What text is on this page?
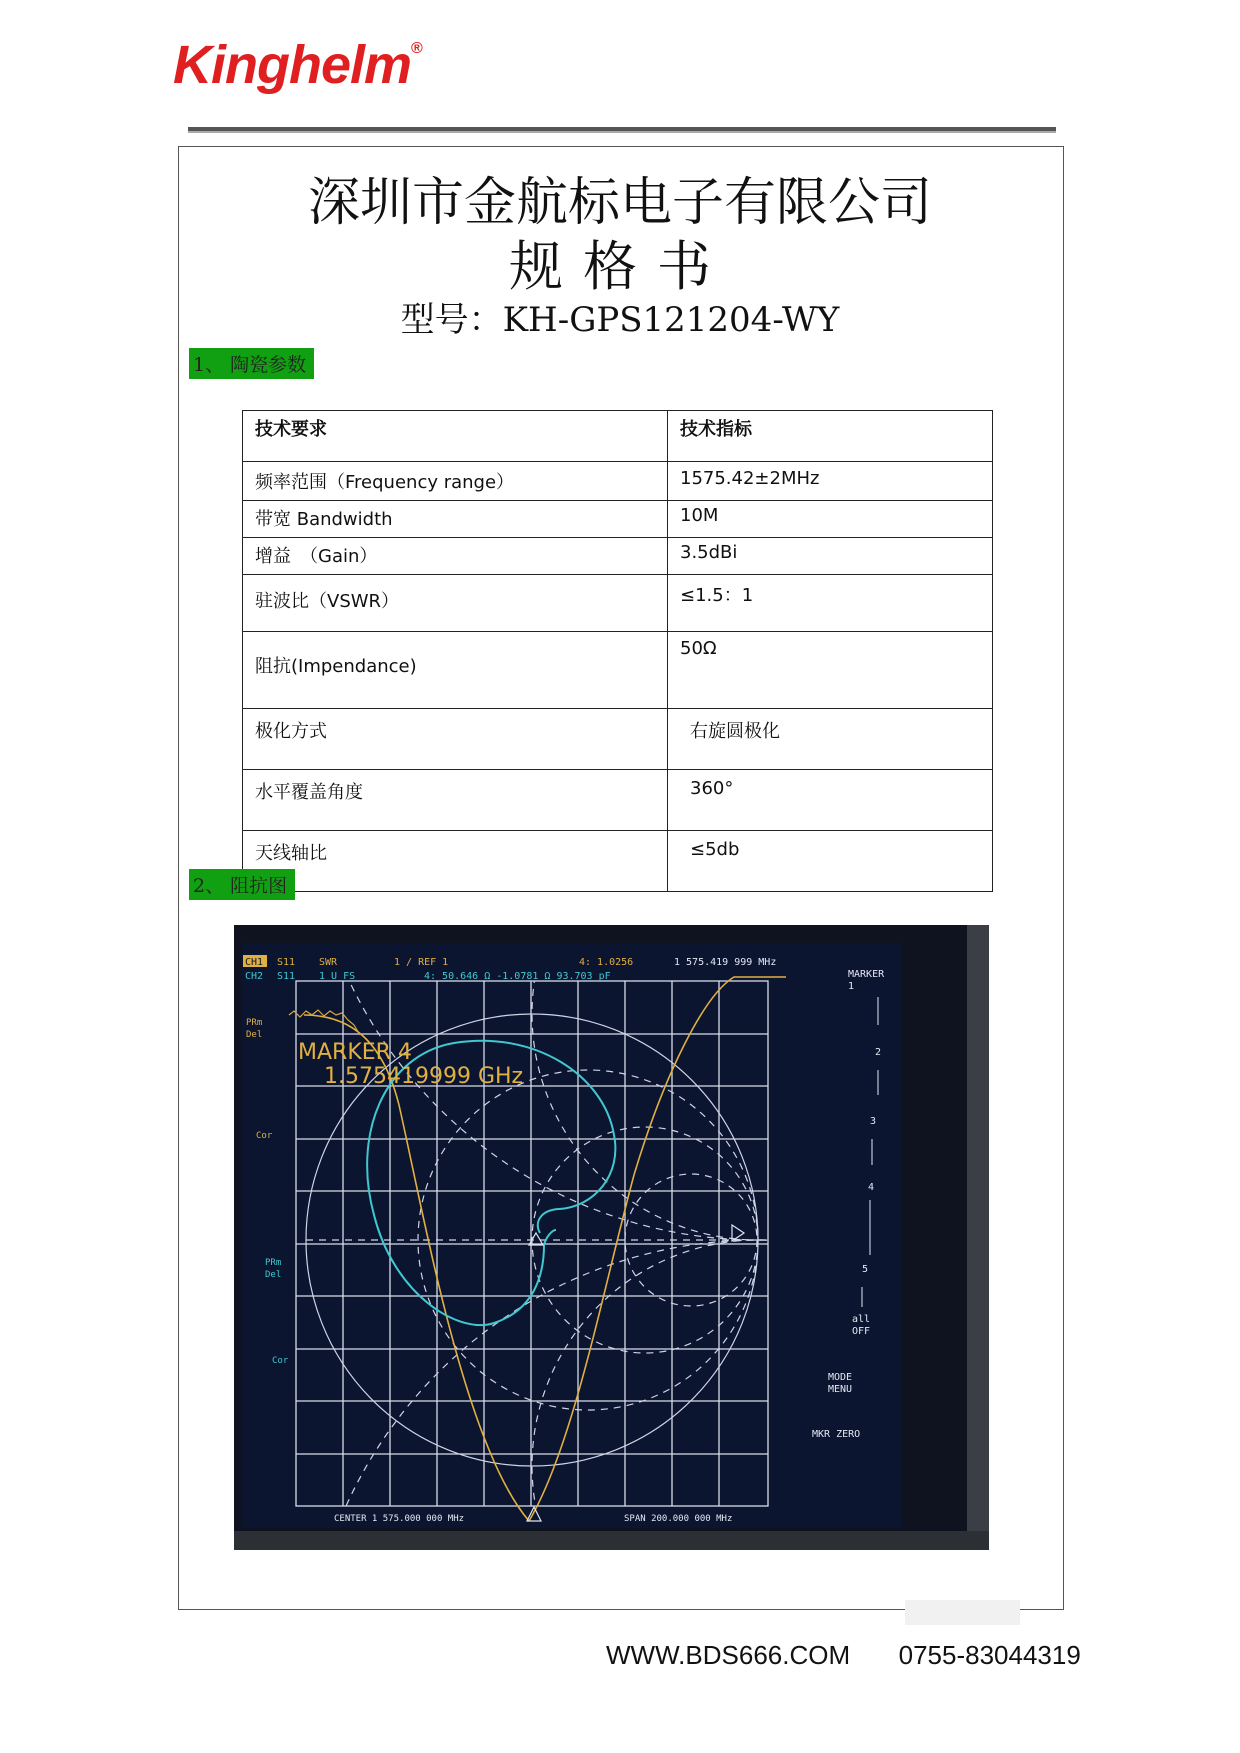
Kinghelm®
深圳市金航标电子有限公司
规格书
型号：KH-GPS121204-WY
1、 陶瓷参数
技术要求	技术指标
频率范围（Frequency range）	1575.42±2MHz
带宽 Bandwidth	10M
增益　（Gain）	3.5dBi
驻波比（VSWR）	≤1.5：1
阻抗(Impendance)	50Ω
极化方式	右旋圆极化
水平覆盖角度	360°
天线轴比	≤5db
2、 阻抗图
CH1
CH2
S11
S11
SWR
1 U FS
1 / REF 1	4: 1.0256
4: 50.646 Ω -1.0781 Ω 93.703 pF
1 575.419 999 MHz
PRm Del
Cor
PRm Del
Cor
CENTER 1 575.000 000 MHz	SPAN 200.000 000 MHz
MARKER 4
1.575419999 GHz
MARKER 1
2
3
4
5
all OFF
MODE MENU
MKR ZERO
WWW.BDS666.COM 0755-83044319
